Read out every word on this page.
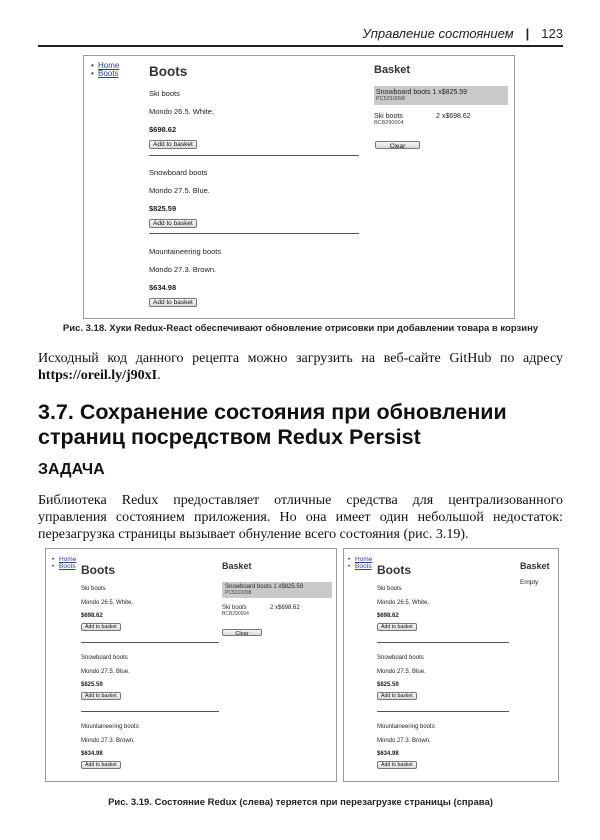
Управление состоянием | 123
• Home
• Boots Boots
Ski boots
Mondo 26.5. White.
$698.62
Add to basket
Snowboard boots
Mondo 27.5. Blue.
$825.59
Add to basket
Mountaineering boots
Mondo 27.3. Brown.
$634.98
Add to basket
Basket
Snowboard boots 1 x$825.59
PC5310098
Ski boots	2 x$698.62
BCB290004
Clear
Рис. 3.18. Хуки Redux-React обеспечивают обновление отрисовки при добавлении товара в корзину

Исходный код данного рецепта можно загрузить на веб-сайте GitHub по адресу https://oreil.ly/j90xI.

3.7. Сохранение состояния при обновлении страниц посредством Redux Persist
ЗАДАЧА

Библиотека Redux предоставляет отличные средства для централизованного управления состоянием приложения. Но она имеет один небольшой недостаток: перезагрузка страницы вызывает обнуление всего состояния (рис. 3.19).

• Home
• Boots Boots
Ski boots
Mondo 26.5. White.
$698.62
Add to basket
Snowboard boots
Mondo 27.5. Blue.
$825.59
Add to basket
Mountaineering boots
Mondo 27.3. Brown.
$634.98
Add to basket
Basket
Snowboard boots 1 x$825.59
PC5310098
Ski boots	2 x$698.62
BCB290004
Clear
• Home
• Boots Boots
Ski boots
Mondo 26.5. White.
$698.62
Add to basket
Snowboard boots
Mondo 27.5. Blue.
$825.59
Add to basket
Mountaineering boots
Mondo 27.3. Brown.
$634.98
Add to basket
Basket
Empty
Рис. 3.19. Состояние Redux (слева) теряется при перезагрузке страницы (справа)
